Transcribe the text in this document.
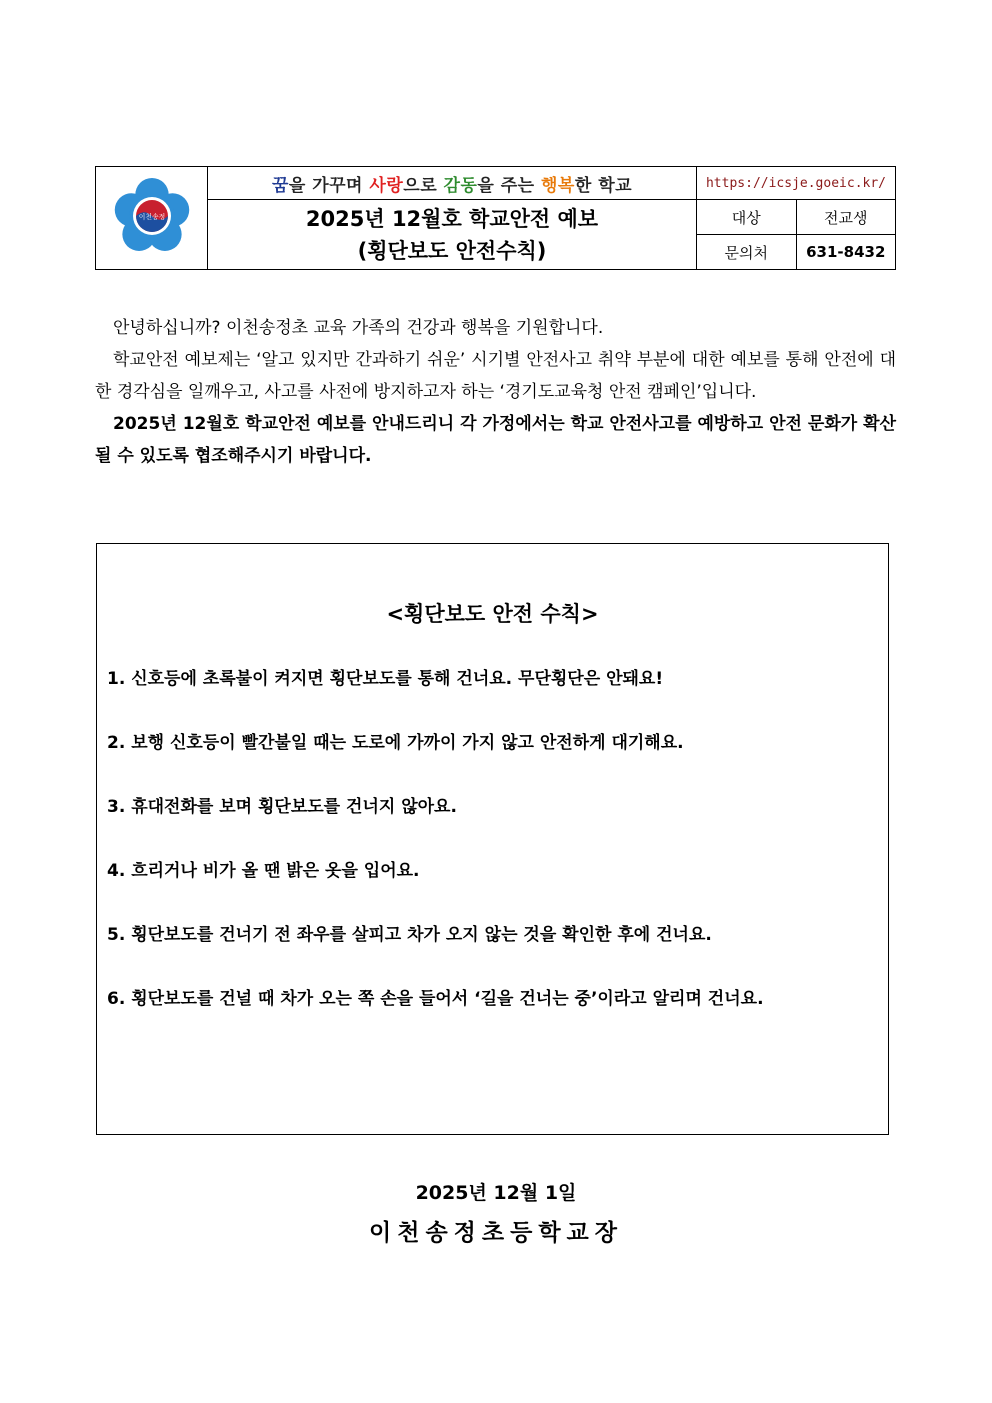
이천송정	꿈을 가꾸며 사랑으로 감동을 주는 행복한 학교	https://icsje.goeic.kr/	

	2025년 12월호 학교안전 예보
(횡단보도 안전수칙)	대상	전교생
		문의처	631-8432

안녕하십니까? 이천송정초 교육 가족의 건강과 행복을 기원합니다.

학교안전 예보제는 ‘알고 있지만 간과하기 쉬운’ 시기별 안전사고 취약 부분에 대한 예보를 통해 안전에 대한 경각심을 일깨우고, 사고를 사전에 방지하고자 하는 ‘경기도교육청 안전 캠페인’입니다.

2025년 12월호 학교안전 예보를 안내드리니 각 가정에서는 학교 안전사고를 예방하고 안전 문화가 확산될 수 있도록 협조해주시기 바랍니다.

<횡단보도 안전 수칙>
1. 신호등에 초록불이 켜지면 횡단보도를 통해 건너요. 무단횡단은 안돼요!
2. 보행 신호등이 빨간불일 때는 도로에 가까이 가지 않고 안전하게 대기해요.
3. 휴대전화를 보며 횡단보도를 건너지 않아요.
4. 흐리거나 비가 올 땐 밝은 옷을 입어요.
5. 횡단보도를 건너기 전 좌우를 살피고 차가 오지 않는 것을 확인한 후에 건너요.
6. 횡단보도를 건널 때 차가 오는 쪽 손을 들어서 ‘길을 건너는 중’이라고 알리며 건너요.
2025년 12월 1일
이천송정초등학교장
